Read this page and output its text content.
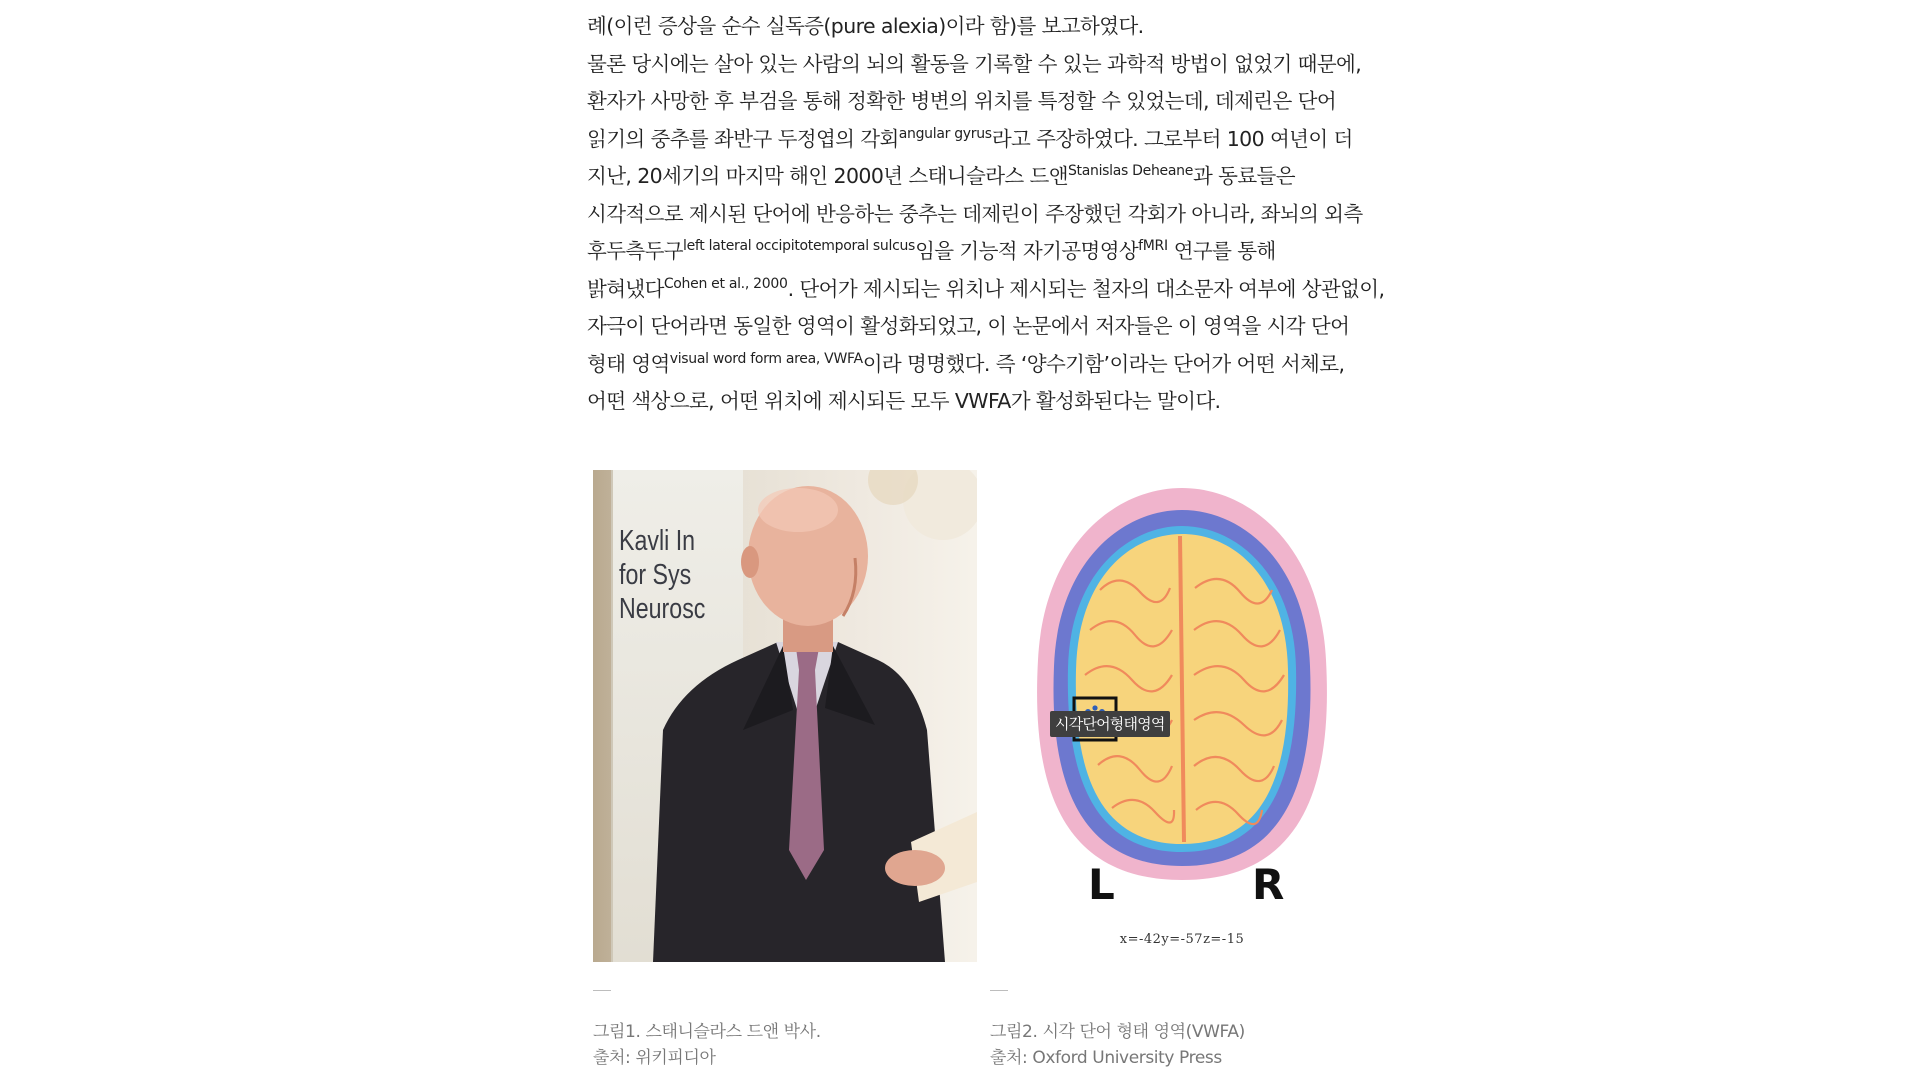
례(이런 증상을 순수 실독증(pure alexia)이라 함)를 보고하였다.

물론 당시에는 살아 있는 사람의 뇌의 활동을 기록할 수 있는 과학적 방법이 없었기 때문에, 환자가 사망한 후 부검을 통해 정확한 병변의 위치를 특정할 수 있었는데, 데제린은 단어 읽기의 중추를 좌반구 두정엽의 각회$^{angular gyrus}$라고 주장하였다. 그로부터 100 여년이 더 지난, 20세기의 마지막 해인 2000년 스태니슬라스 드앤$^{Stanislas Deheane}$과 동료들은 시각적으로 제시된 단어에 반응하는 중추는 데제린이 주장했던 각회가 아니라, 좌뇌의 외측 후두측두구$^{left lateral occipitotemporal sulcus}$임을 기능적 자기공명영상$^{fMRI}$ 연구를 통해 밝혀냈다$^{Cohen et al., 2000}$. 단어가 제시되는 위치나 제시되는 철자의 대소문자 여부에 상관없이, 자극이 단어라면 동일한 영역이 활성화되었고, 이 논문에서 저자들은 이 영역을 시각 단어 형태 영역$^{visual word form area, VWFA}$이라 명명했다. 즉 ‘양수기함’이라는 단어가 어떤 서체로, 어떤 색상으로, 어떤 위치에 제시되든 모두 VWFA가 활성화된다는 말이다.

Kavli In
for Sys
Neurosc
그림1. 스태니슬라스 드앤 박사.
출처: 위키피디아
시각단어형태영역
L	R
x=-42y=-57z=-15
그림2. 시각 단어 형태 영역(VWFA)
출처: Oxford University Press
